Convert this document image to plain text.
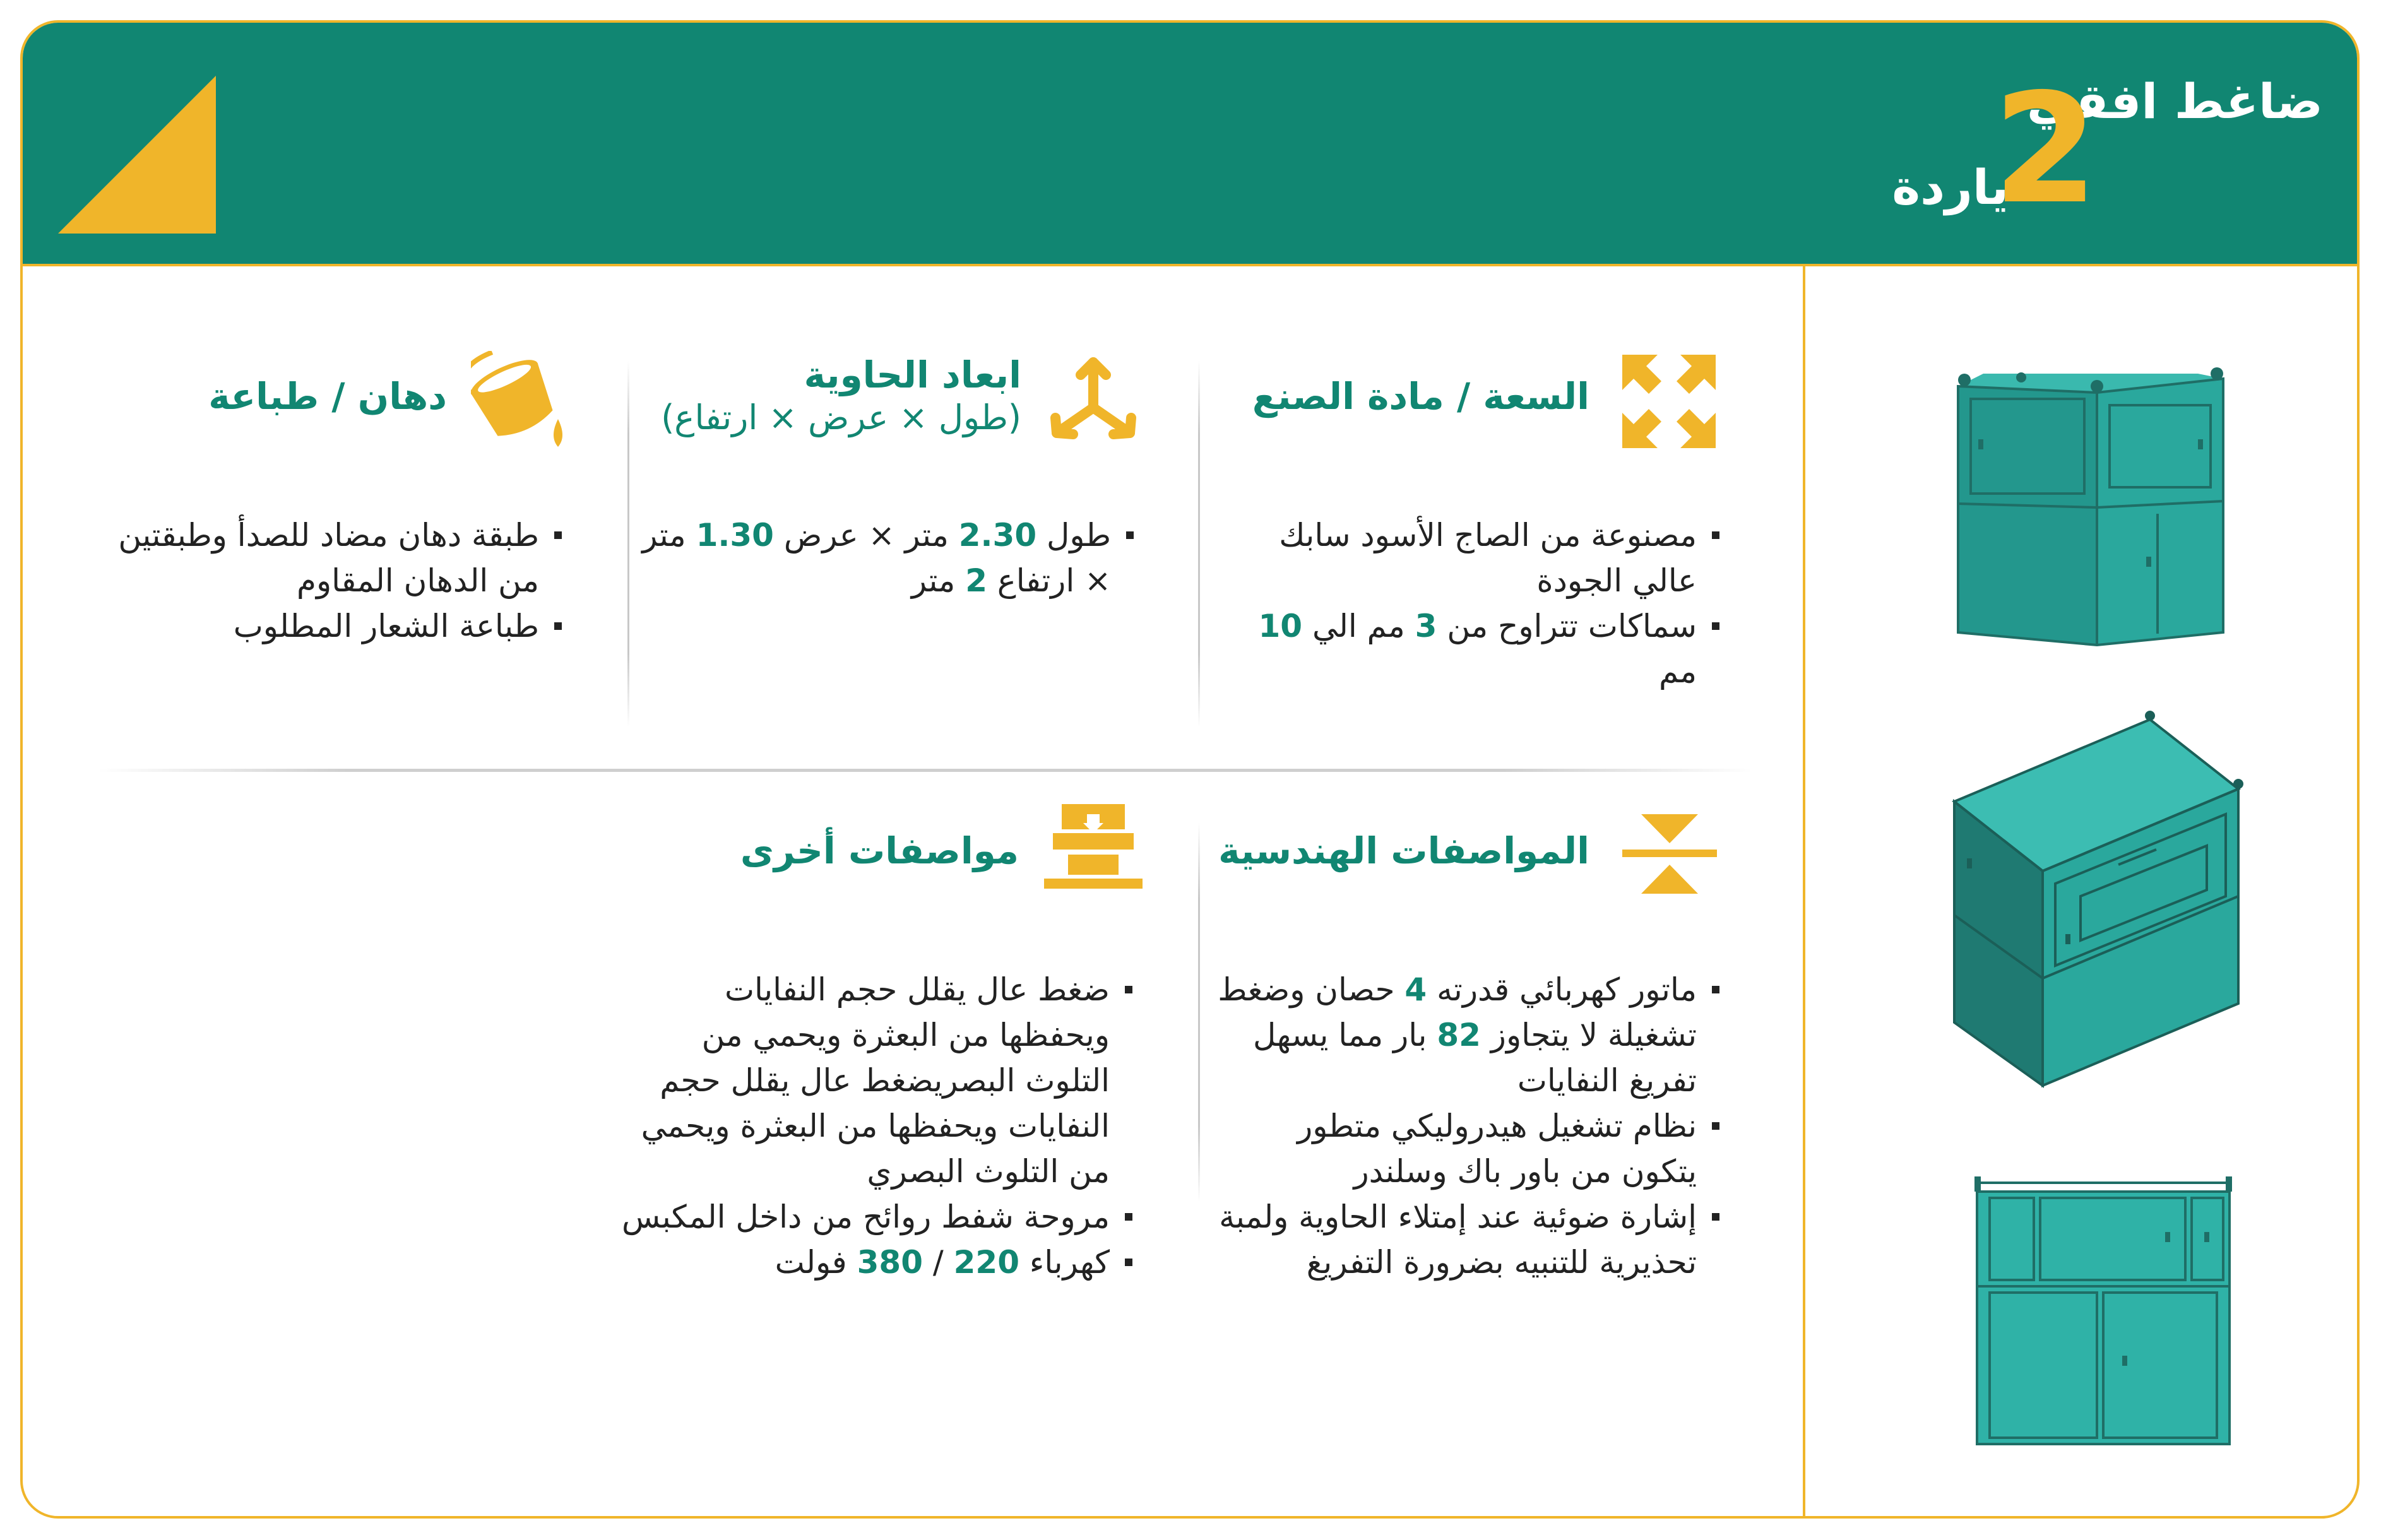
ضاغط افقي
2
ياردة
السعة / مادة الصنع
مصنوعة من الصاج الأسود سابك عالي الجودة
سماكات تتراوح من 3 مم الي 10 مم
ابعاد الحاوية
(طول × عرض × ارتفاع)
طول 2.30 متر × عرض 1.30 متر × ارتفاع 2 متر
دهان / طباعة
طبقة دهان مضاد للصدأ وطبقتين من الدهان المقاوم
طباعة الشعار المطلوب
المواصفات الهندسية
ماتور كهربائي قدرته 4 حصان وضغط تشغيلة لا يتجاوز 82 بار مما يسهل تفريغ النفايات
نظام تشغيل هيدروليكي متطور يتكون من باور باك وسلندر
إشارة ضوئية عند إمتلاء الحاوية ولمبة تحذيرية للتنبيه بضرورة التفريغ
مواصفات أخرى
ضغط عال يقلل حجم النفايات ويحفظها من البعثرة ويحمي من التلوث البصريضغط عال يقلل حجم النفايات ويحفظها من البعثرة ويحمي من التلوث البصري
مروحة شفط روائح من داخل المكبس
كهرباء 220 / 380 فولت
